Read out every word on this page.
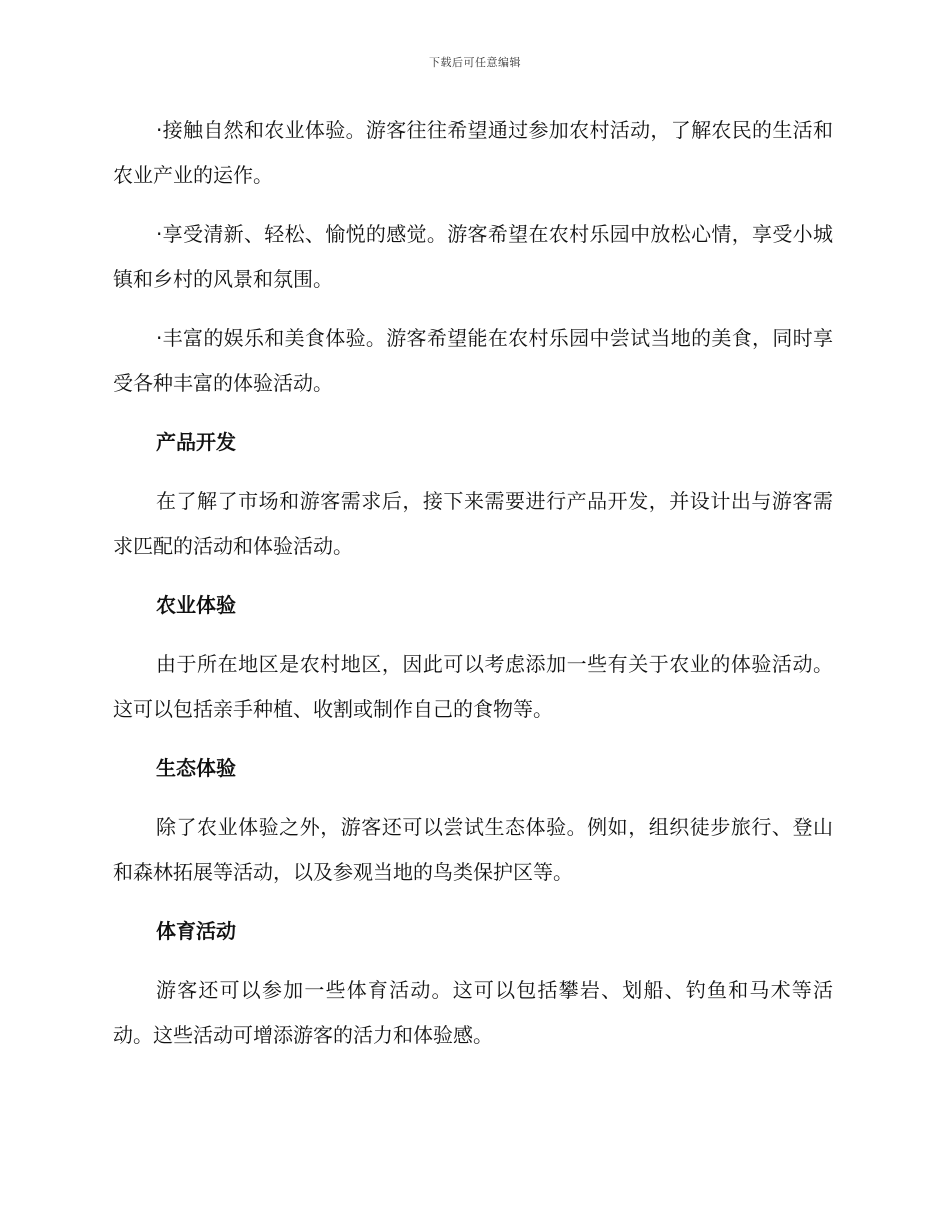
下载后可任意编辑

·接触自然和农业体验。游客往往希望通过参加农村活动，了解农民的生活和农业产业的运作。

·享受清新、轻松、愉悦的感觉。游客希望在农村乐园中放松心情，享受小城镇和乡村的风景和氛围。

·丰富的娱乐和美食体验。游客希望能在农村乐园中尝试当地的美食，同时享受各种丰富的体验活动。

产品开发

在了解了市场和游客需求后，接下来需要进行产品开发，并设计出与游客需求匹配的活动和体验活动。

农业体验

由于所在地区是农村地区，因此可以考虑添加一些有关于农业的体验活动。这可以包括亲手种植、收割或制作自己的食物等。

生态体验

除了农业体验之外，游客还可以尝试生态体验。例如，组织徒步旅行、登山和森林拓展等活动，以及参观当地的鸟类保护区等。

体育活动

游客还可以参加一些体育活动。这可以包括攀岩、划船、钓鱼和马术等活动。这些活动可增添游客的活力和体验感。
